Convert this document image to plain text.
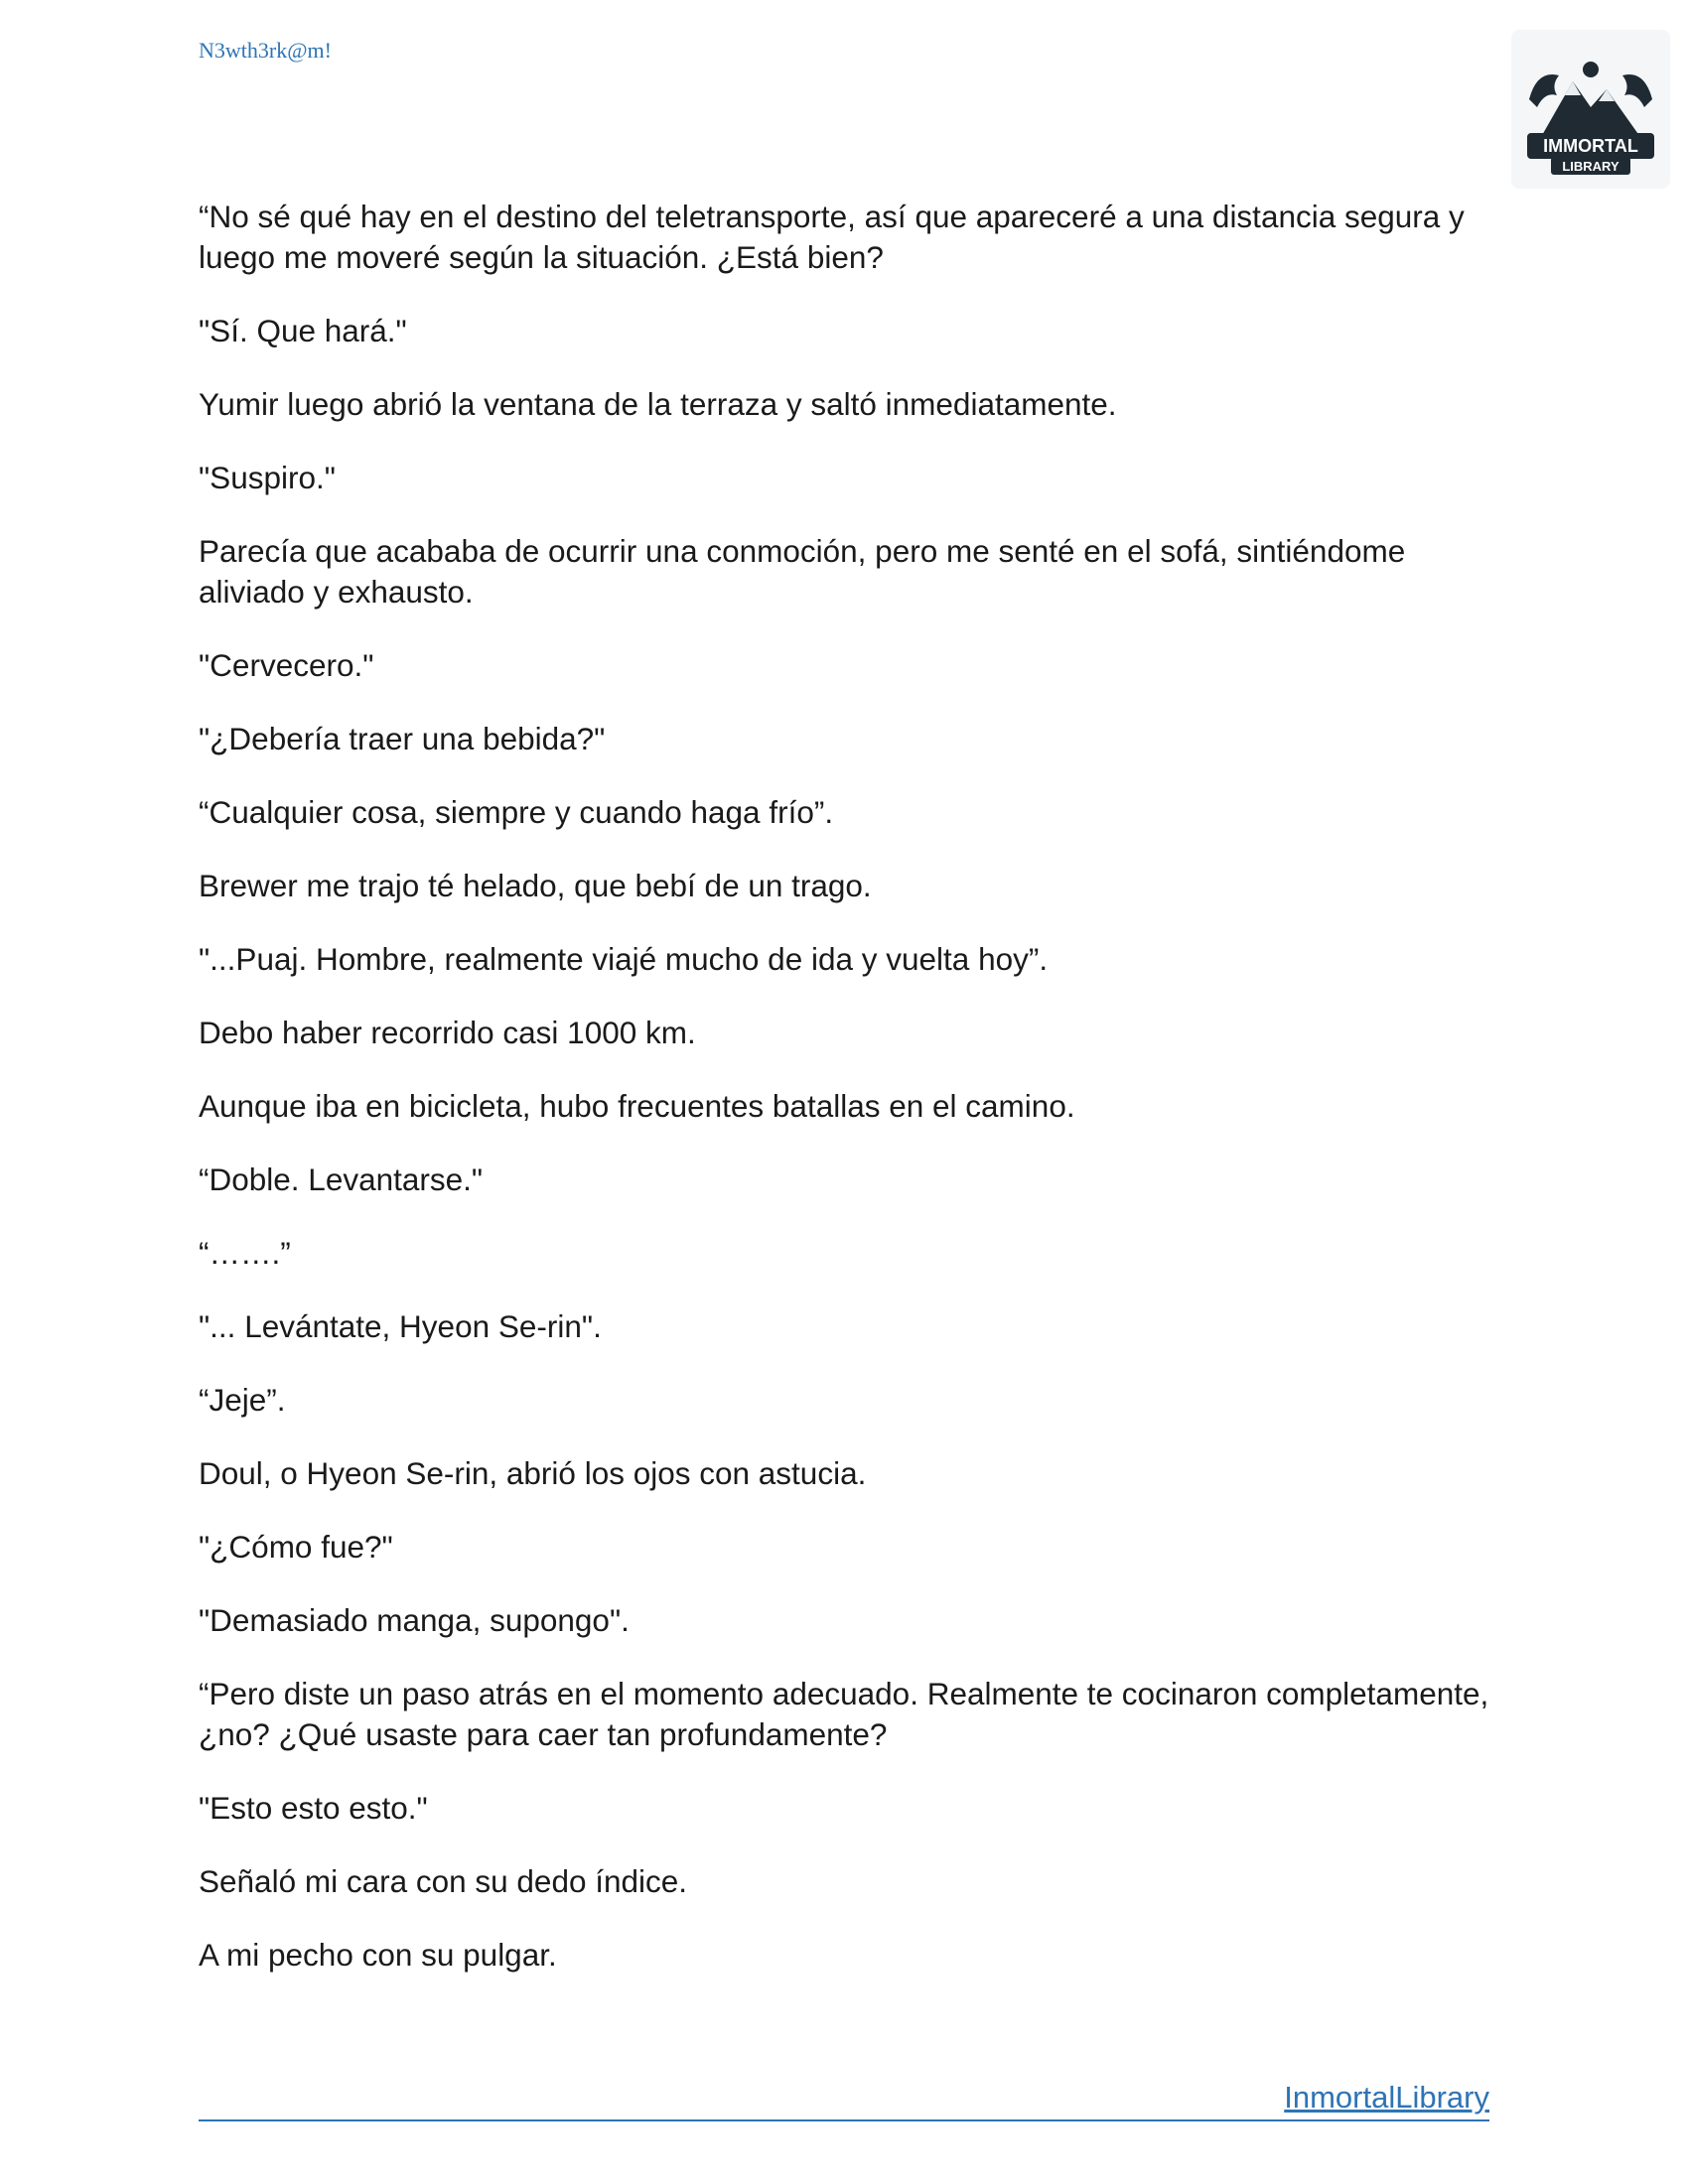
N3wth3rk@m!
IMMORTAL
LIBRARY

“No sé qué hay en el destino del teletransporte, así que apareceré a una distancia segura y luego me moveré según la situación. ¿Está bien?

"Sí. Que hará."

Yumir luego abrió la ventana de la terraza y saltó inmediatamente.

"Suspiro."

Parecía que acababa de ocurrir una conmoción, pero me senté en el sofá, sintiéndome aliviado y exhausto.

"Cervecero."

"¿Debería traer una bebida?"

“Cualquier cosa, siempre y cuando haga frío”.

Brewer me trajo té helado, que bebí de un trago.

"...Puaj. Hombre, realmente viajé mucho de ida y vuelta hoy”.

Debo haber recorrido casi 1000 km.

Aunque iba en bicicleta, hubo frecuentes batallas en el camino.

“Doble. Levantarse."

“…….”

"... Levántate, Hyeon Se-rin".

“Jeje”.

Doul, o Hyeon Se-rin, abrió los ojos con astucia.

"¿Cómo fue?"

"Demasiado manga, supongo".

“Pero diste un paso atrás en el momento adecuado. Realmente te cocinaron completamente, ¿no? ¿Qué usaste para caer tan profundamente?

"Esto esto esto."

Señaló mi cara con su dedo índice.

A mi pecho con su pulgar.

InmortalLibrary
